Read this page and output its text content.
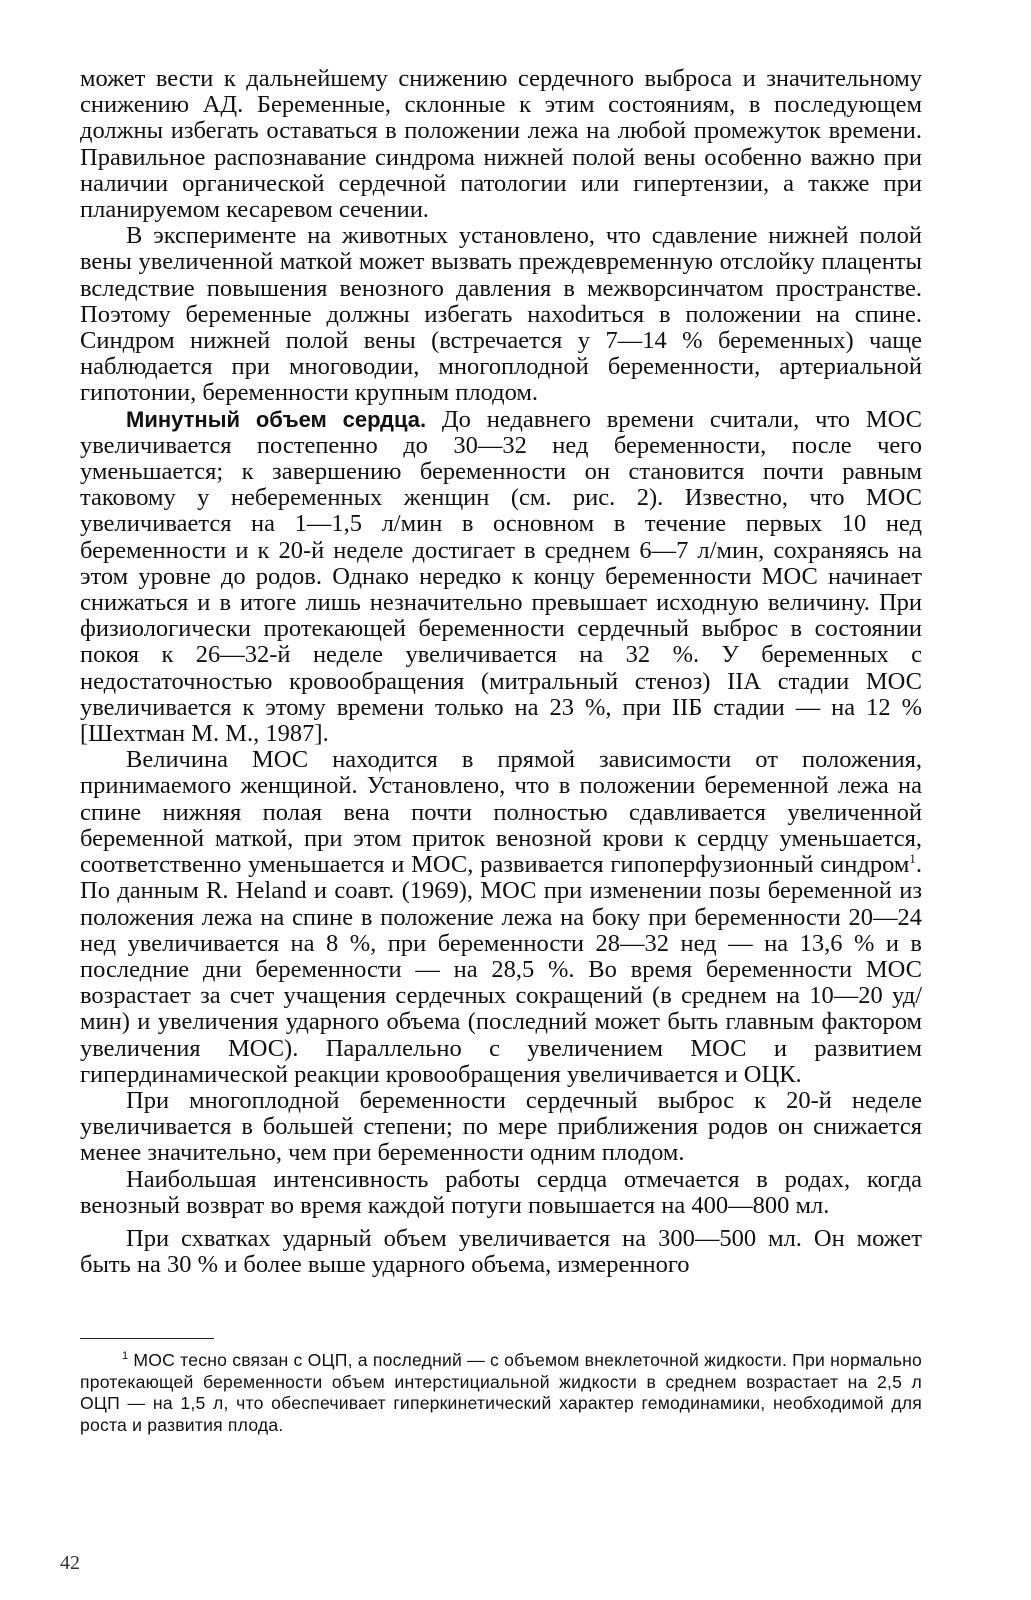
может вести к дальнейшему снижению сердечного выброса и значительному снижению АД. Беременные, склонные к этим состояниям, в последующем должны избегать оставаться в положении лежа на любой промежуток времени. Правильное распознавание синдрома нижней полой вены особенно важно при наличии органической сердечной патологии или гипертензии, а также при планируемом кесаревом сечении.

В эксперименте на животных установлено, что сдавление нижней полой вены увеличенной маткой может вызвать преждевременную отслойку плаценты вследствие повышения венозного давления в межворсинчатом пространстве. Поэтому беременные должны избегать нахоdиться в положении на спине. Синдром нижней полой вены (встречается у 7—14 % беременных) чаще наблюдается при многоводии, многоплодной беременности, артериальной гипотонии, беременности крупным плодом.

Минутный объем сердца. До недавнего времени считали, что МОС увеличивается постепенно до 30—32 нед беременности, после чего уменьшается; к завершению беременности он становится почти равным таковому у небеременных женщин (см. рис. 2). Известно, что МОС увеличивается на 1—1,5 л/мин в основном в течение первых 10 нед беременности и к 20-й неделе достигает в среднем 6—7 л/мин, сохраняясь на этом уровне до родов. Однако нередко к концу беременности МОС начинает снижаться и в итоге лишь незначительно превышает исходную величину. При физиологически протекающей беременности сердечный выброс в состоянии покоя к 26—32-й неделе увеличивается на 32 %. У беременных с недостаточностью кровообращения (митральный стеноз) IIА стадии МОС увеличивается к этому времени только на 23 %, при IIБ стадии — на 12 % [Шехтман М. М., 1987].

Величина МОС находится в прямой зависимости от положения, принимаемого женщиной. Установлено, что в положении беременной лежа на спине нижняя полая вена почти полностью сдавливается увеличенной беременной маткой, при этом приток венозной крови к сердцу уменьшается, соответственно уменьшается и МОС, развивается гипоперфузионный синдром$^1$. По данным R. Heland и соавт. (1969), МОС при изменении позы беременной из положения лежа на спине в положение лежа на боку при беременности 20—24 нед увеличивается на 8 %, при беременности 28—32 нед — на 13,6 % и в последние дни беременности — на 28,5 %. Во время беременности МОС возрастает за счет учащения сердечных сокращений (в среднем на 10—20 уд/мин) и увеличения ударного объема (последний может быть главным фактором увеличения МОС). Параллельно с увеличением МОС и развитием гипердинамической реакции кровообращения увеличивается и ОЦК.

При многоплодной беременности сердечный выброс к 20-й неделе увеличивается в большей степени; по мере приближения родов он снижается менее значительно, чем при беременности одним плодом.

Наибольшая интенсивность работы сердца отмечается в родах, когда венозный возврат во время каждой потуги повышается на 400—800 мл.

При схватках ударный объем увеличивается на 300—500 мл. Он может быть на 30 % и более выше ударного объема, измеренного

$^1$ МОС тесно связан с ОЦП, а последний — с объемом внеклеточной жидкости. При нормально протекающей беременности объем интерстициальной жидкости в среднем возрастает на 2,5 л ОЦП — на 1,5 л, что обеспечивает гиперкинетический характер гемодинамики, необходимой для роста и развития плода.

42
